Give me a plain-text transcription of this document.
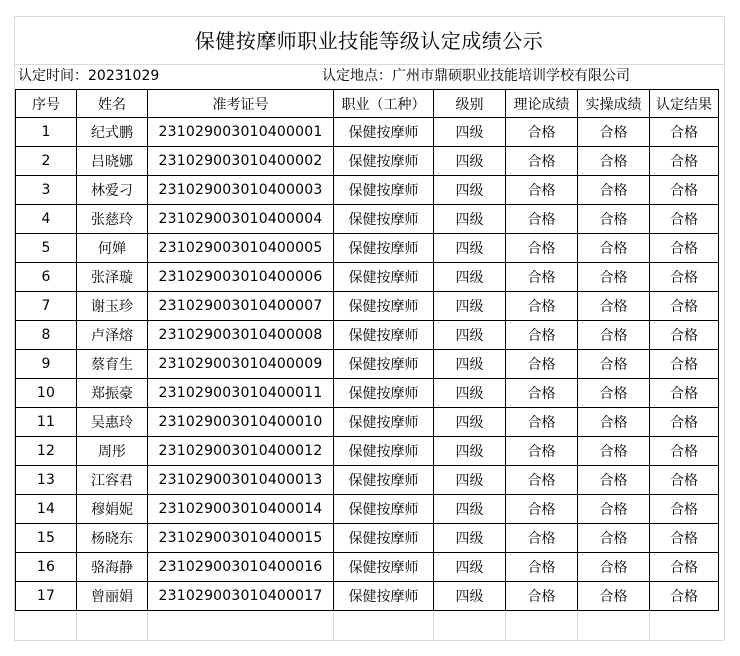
保健按摩师职业技能等级认定成绩公示
认定时间：20231029	认定地点：广州市鼎硕职业技能培训学校有限公司
序号	姓名	准考证号	职业（工种）	级别	理论成绩	实操成绩	认定结果
1	纪式鹏	231029003010400001	保健按摩师	四级	合格	合格	合格
2	吕晓娜	231029003010400002	保健按摩师	四级	合格	合格	合格
3	林爱刁	231029003010400003	保健按摩师	四级	合格	合格	合格
4	张慈玲	231029003010400004	保健按摩师	四级	合格	合格	合格
5	何婵	231029003010400005	保健按摩师	四级	合格	合格	合格
6	张泽璇	231029003010400006	保健按摩师	四级	合格	合格	合格
7	谢玉珍	231029003010400007	保健按摩师	四级	合格	合格	合格
8	卢泽熔	231029003010400008	保健按摩师	四级	合格	合格	合格
9	蔡育生	231029003010400009	保健按摩师	四级	合格	合格	合格
10	郑振豪	231029003010400011	保健按摩师	四级	合格	合格	合格
11	吴惠玲	231029003010400010	保健按摩师	四级	合格	合格	合格
12	周彤	231029003010400012	保健按摩师	四级	合格	合格	合格
13	江容君	231029003010400013	保健按摩师	四级	合格	合格	合格
14	穆娟妮	231029003010400014	保健按摩师	四级	合格	合格	合格
15	杨晓东	231029003010400015	保健按摩师	四级	合格	合格	合格
16	骆海静	231029003010400016	保健按摩师	四级	合格	合格	合格
17	曾丽娟	231029003010400017	保健按摩师	四级	合格	合格	合格
